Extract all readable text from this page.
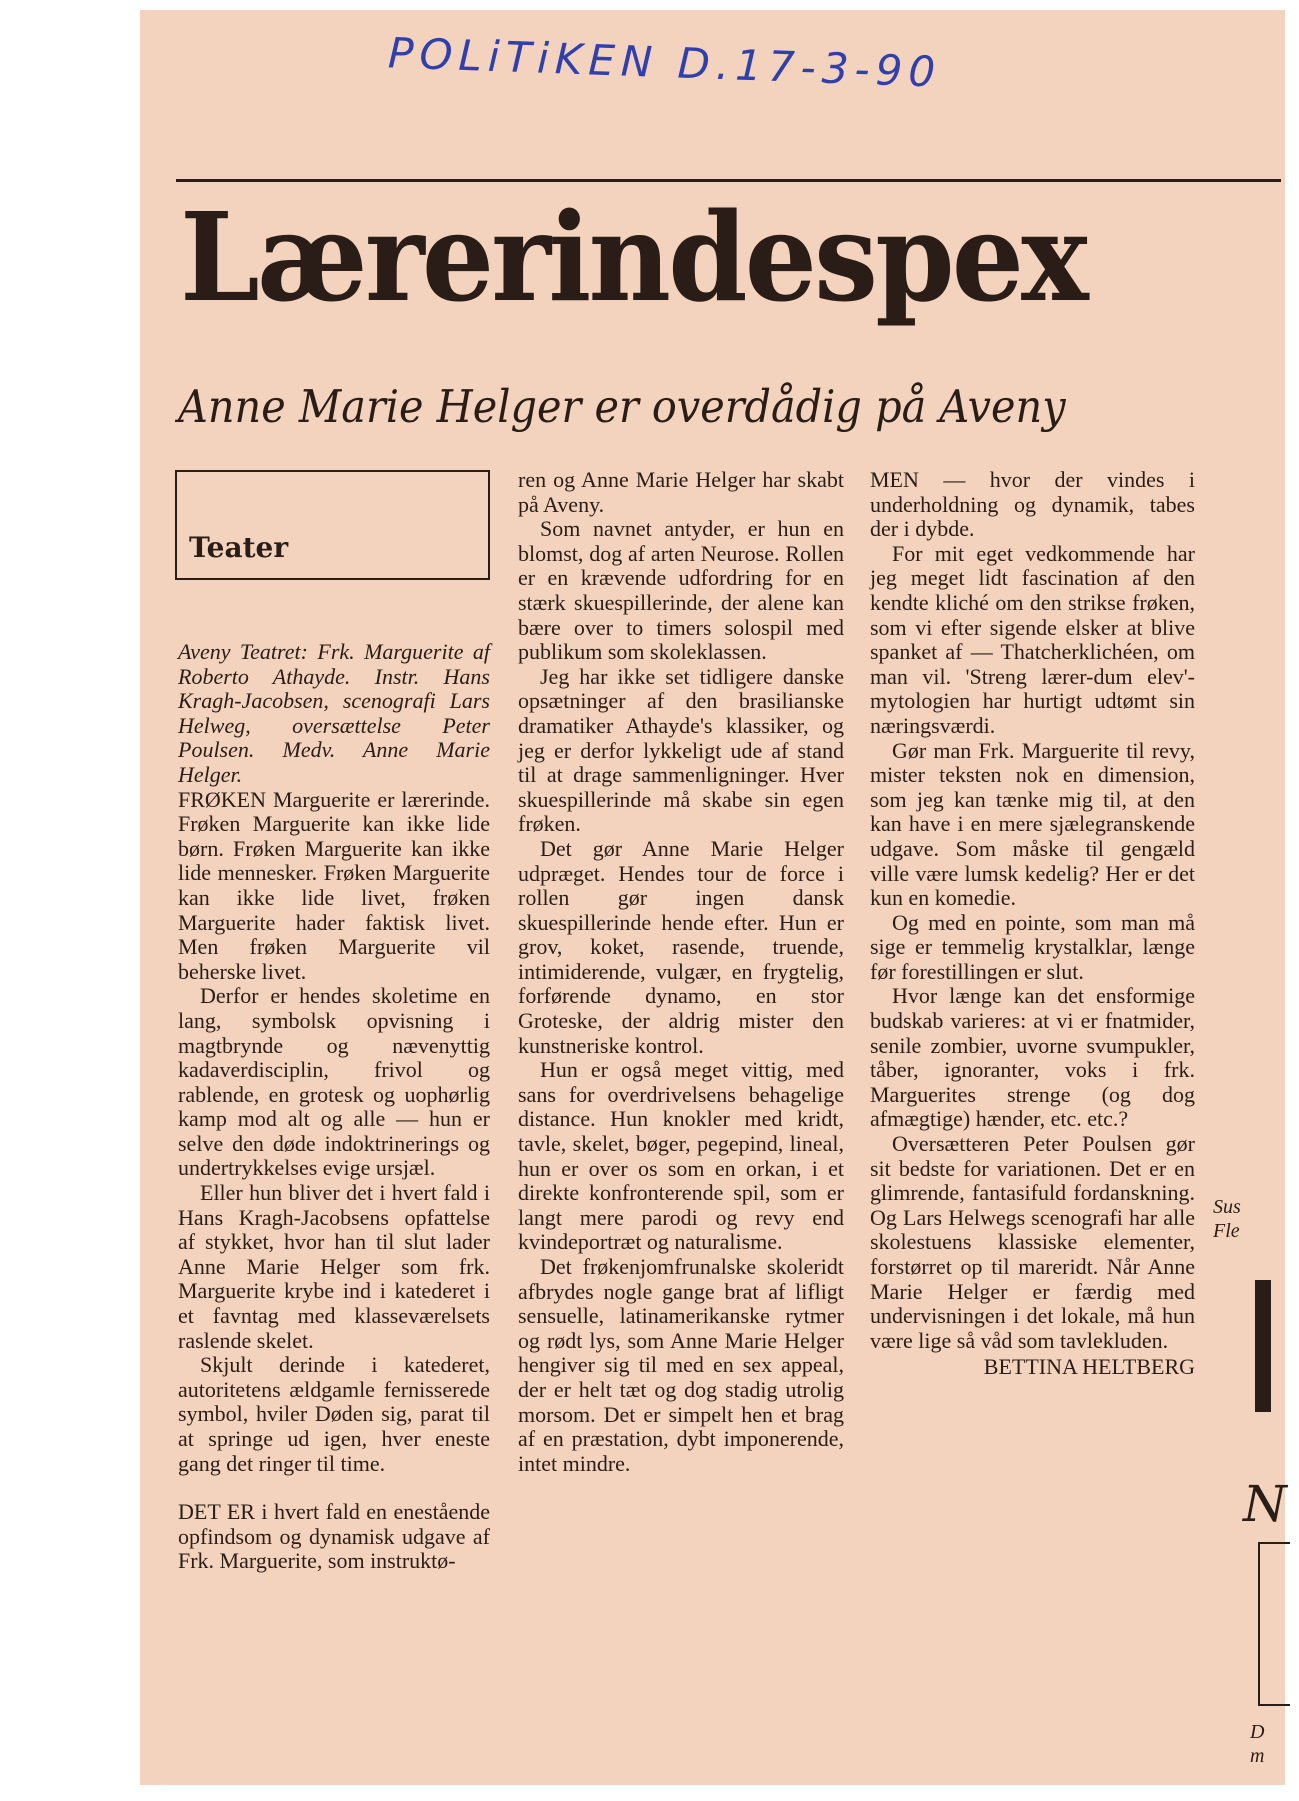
POLiTiKEN D.17-3-90
Lærerindespex
Anne Marie Helger er overdådig på Aveny
Teater

Aveny Teatret: Frk. Marguerite af Roberto Athayde. Instr. Hans Kragh-Jacobsen, scenografi Lars Helweg, oversættelse Peter Poulsen. Medv. Anne Marie Helger.

FRØKEN Marguerite er lærerinde. Frøken Marguerite kan ikke lide børn. Frøken Marguerite kan ikke lide mennesker. Frøken Marguerite kan ikke lide livet, frøken Marguerite hader faktisk livet. Men frøken Marguerite vil beherske livet.

Derfor er hendes skoletime en lang, symbolsk opvisning i magtbrynde og nævenyttig kadaverdisciplin, frivol og rablende, en grotesk og uophørlig kamp mod alt og alle — hun er selve den døde indoktrinerings og undertrykkelses evige ursjæl.

Eller hun bliver det i hvert fald i Hans Kragh-Jacobsens opfattelse af stykket, hvor han til slut lader Anne Marie Helger som frk. Marguerite krybe ind i katederet i et favntag med klasseværelsets raslende skelet.

Skjult derinde i katederet, autoritetens ældgamle fernisserede symbol, hviler Døden sig, parat til at springe ud igen, hver eneste gang det ringer til time.

DET ER i hvert fald en enestående opfindsom og dynamisk udgave af Frk. Marguerite, som instruktø-

ren og Anne Marie Helger har skabt på Aveny.

Som navnet antyder, er hun en blomst, dog af arten Neurose. Rollen er en krævende udfordring for en stærk skuespillerinde, der alene kan bære over to timers solospil med publikum som skoleklassen.

Jeg har ikke set tidligere danske opsætninger af den brasilianske dramatiker Athayde's klassiker, og jeg er derfor lykkeligt ude af stand til at drage sammenligninger. Hver skuespillerinde må skabe sin egen frøken.

Det gør Anne Marie Helger udpræget. Hendes tour de force i rollen gør ingen dansk skuespillerinde hende efter. Hun er grov, koket, rasende, truende, intimiderende, vulgær, en frygtelig, forførende dynamo, en stor Groteske, der aldrig mister den kunstneriske kontrol.

Hun er også meget vittig, med sans for overdrivelsens behagelige distance. Hun knokler med kridt, tavle, skelet, bøger, pegepind, lineal, hun er over os som en orkan, i et direkte konfronterende spil, som er langt mere parodi og revy end kvindeportræt og naturalisme.

Det frøkenjomfrunalske skoleridt afbrydes nogle gange brat af lifligt sensuelle, latinamerikanske rytmer og rødt lys, som Anne Marie Helger hengiver sig til med en sex appeal, der er helt tæt og dog stadig utrolig morsom. Det er simpelt hen et brag af en præstation, dybt imponerende, intet mindre.

MEN — hvor der vindes i underholdning og dynamik, tabes der i dybde.

For mit eget vedkommende har jeg meget lidt fascination af den kendte kliché om den strikse frøken, som vi efter sigende elsker at blive spanket af — Thatcherklichéen, om man vil. 'Streng lærer-dum elev'-mytologien har hurtigt udtømt sin næringsværdi.

Gør man Frk. Marguerite til revy, mister teksten nok en dimension, som jeg kan tænke mig til, at den kan have i en mere sjælegranskende udgave. Som måske til gengæld ville være lumsk kedelig? Her er det kun en komedie.

Og med en pointe, som man må sige er temmelig krystalklar, længe før forestillingen er slut.

Hvor længe kan det ensformige budskab varieres: at vi er fnatmider, senile zombier, uvorne svumpukler, tåber, ignoranter, voks i frk. Marguerites strenge (og dog afmægtige) hænder, etc. etc.?

Oversætteren Peter Poulsen gør sit bedste for variationen. Det er en glimrende, fantasifuld fordanskning. Og Lars Helwegs scenografi har alle skolestuens klassiske elementer, forstørret op til mareridt. Når Anne Marie Helger er færdig med undervisningen i det lokale, må hun være lige så våd som tavlekluden.

BETTINA HELTBERG

Sus
Fle
N
D
m
